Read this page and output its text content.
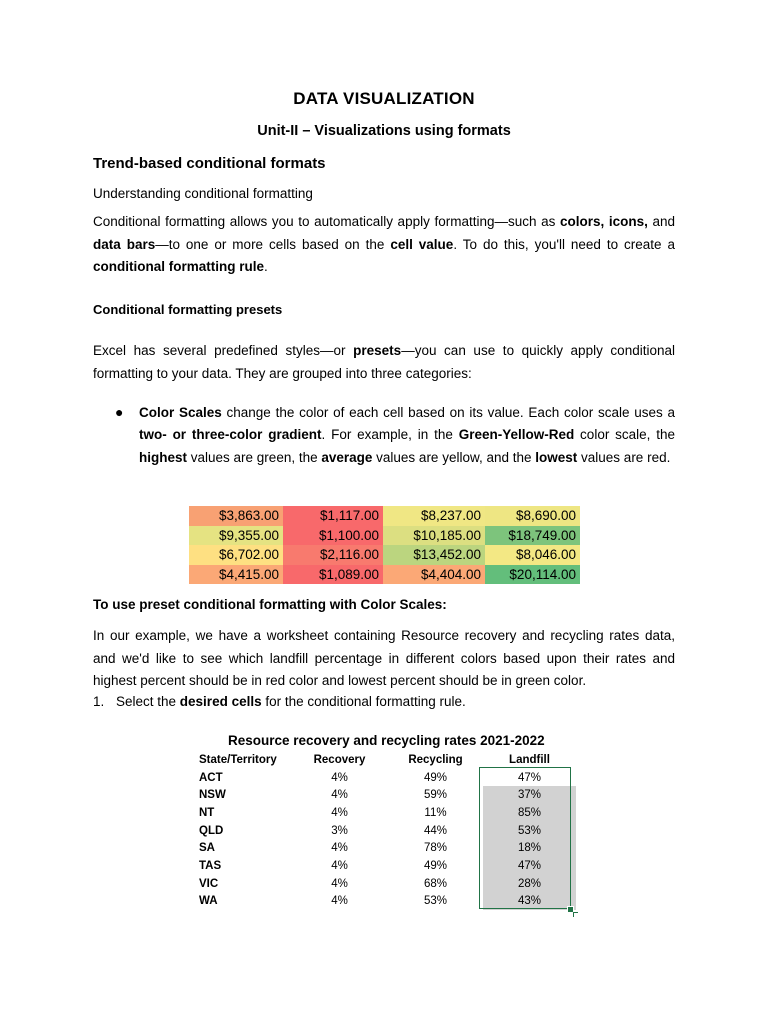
DATA VISUALIZATION
Unit-II – Visualizations using formats
Trend-based conditional formats
Understanding conditional formatting
Conditional formatting allows you to automatically apply formatting—such as colors, icons, and data bars—to one or more cells based on the cell value. To do this, you'll need to create a conditional formatting rule.
Conditional formatting presets
Excel has several predefined styles—or presets—you can use to quickly apply conditional formatting to your data. They are grouped into three categories:
● Color Scales change the color of each cell based on its value. Each color scale uses a two- or three-color gradient. For example, in the Green-Yellow-Red color scale, the highest values are green, the average values are yellow, and the lowest values are red.
$3,863.00	$1,117.00	$8,237.00	$8,690.00
$9,355.00	$1,100.00	$10,185.00	$18,749.00
$6,702.00	$2,116.00	$13,452.00	$8,046.00
$4,415.00	$1,089.00	$4,404.00	$20,114.00
To use preset conditional formatting with Color Scales:
In our example, we have a worksheet containing Resource recovery and recycling rates data, and we'd like to see which landfill percentage in different colors based upon their rates and highest percent should be in red color and lowest percent should be in green color.
1. Select the desired cells for the conditional formatting rule.
Resource recovery and recycling rates 2021-2022
State/Territory	Recovery	Recycling	Landfill
ACT	4%	49%	47%
NSW	4%	59%	37%
NT	4%	11%	85%
QLD	3%	44%	53%
SA	4%	78%	18%
TAS	4%	49%	47%
VIC	4%	68%	28%
WA	4%	53%	43%
